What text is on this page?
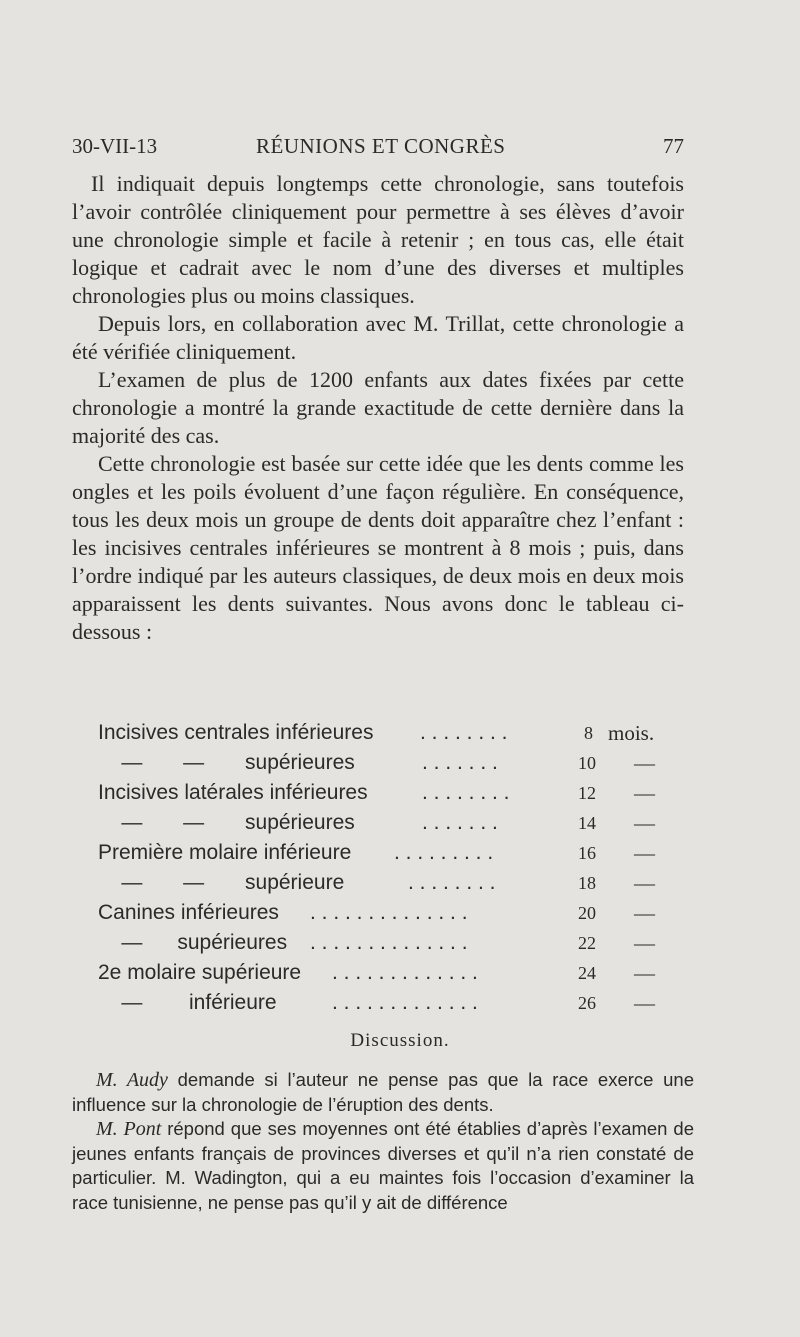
30-VII-13	RÉUNIONS ET CONGRÈS	77

Il indiquait depuis longtemps cette chronologie, sans toutefois l’avoir contrôlée cliniquement pour permettre à ses élèves d’avoir une chronologie simple et facile à retenir ; en tous cas, elle était logique et cadrait avec le nom d’une des diverses et multiples chronologies plus ou moins classiques.

Depuis lors, en collaboration avec M. Trillat, cette chronologie a été vérifiée cliniquement.

L’examen de plus de 1200 enfants aux dates fixées par cette chronologie a montré la grande exactitude de cette dernière dans la majorité des cas.

Cette chronologie est basée sur cette idée que les dents comme les ongles et les poils évoluent d’une façon régulière. En conséquence, tous les deux mois un groupe de dents doit apparaître chez l’enfant : les incisives centrales inférieures se montrent à 8 mois ; puis, dans l’ordre indiqué par les auteurs classiques, de deux mois en deux mois apparaissent les dents suivantes. Nous avons donc le tableau ci-dessous :

Incisives centrales inférieures . . . . . . . .	8 mois.
—       —       supérieures	. . . . . . .	10 —
Incisives latérales inférieures	. . . . . . . .	12 —
—       —       supérieures	. . . . . . .	14 —
Première molaire inférieure . . . . . . . . .	16 —
—       —       supérieure	. . . . . . . .	18 —
Canines inférieures . . . . . . . . . . . . . .	20 —
—      supérieures . . . . . . . . . . . . . .	22 —
2e molaire supérieure . . . . . . . . . . . . .	24 —
—        inférieure	. . . . . . . . . . . . .	26 —
Discussion.

M. Audy demande si l’auteur ne pense pas que la race exerce une influence sur la chronologie de l’éruption des dents.

M. Pont répond que ses moyennes ont été établies d’après l’examen de jeunes enfants français de provinces diverses et qu’il n’a rien constaté de particulier. M. Wadington, qui a eu maintes fois l’occasion d’examiner la race tunisienne, ne pense pas qu’il y ait de différence
